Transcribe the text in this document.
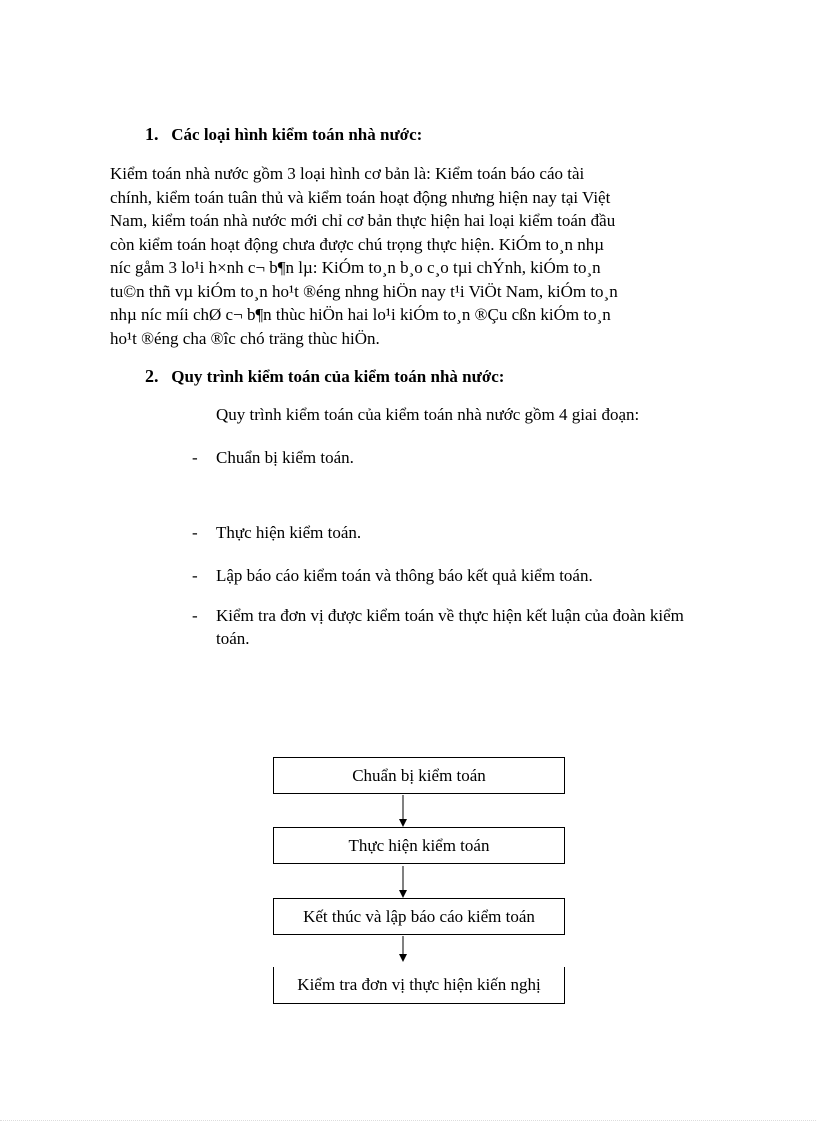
1. Các loại hình kiểm toán nhà nước:

Kiểm toán nhà nước gồm 3 loại hình cơ bản là: Kiểm toán báo cáo tài
chính, kiểm toán tuân thủ và kiểm toán hoạt động nhưng hiện nay tại Việt
Nam, kiểm toán nhà nước mới chỉ cơ bản thực hiện hai loại kiểm toán đầu
còn kiểm toán hoạt động chưa được chú trọng thực hiện. KiÓm to¸n nhµ
níc gåm 3 lo¹i h×nh c¬ b¶n lµ: KiÓm to¸n b¸o c¸o tµi chÝnh, kiÓm to¸n
tu©n thñ vµ kiÓm to¸n ho¹t ®éng nhng hiÖn nay t¹i ViÖt Nam, kiÓm to¸n
nhµ níc míi chØ c¬ b¶n thùc hiÖn hai lo¹i kiÓm to¸n ®Çu cßn kiÓm to¸n
ho¹t ®éng cha ®îc chó träng thùc hiÖn.

2. Quy trình kiểm toán của kiểm toán nhà nước:
Quy trình kiểm toán của kiểm toán nhà nước gồm 4 giai đoạn:
- Chuẩn bị kiểm toán.
- Thực hiện kiểm toán.
- Lập báo cáo kiểm toán và thông báo kết quả kiểm toán.
- Kiểm tra đơn vị được kiểm toán về thực hiện kết luận của đoàn kiểm toán.
Chuẩn bị kiểm toán
Thực hiện kiểm toán
Kết thúc và lập báo cáo kiểm toán
Kiểm tra đơn vị thực hiện kiến nghị
